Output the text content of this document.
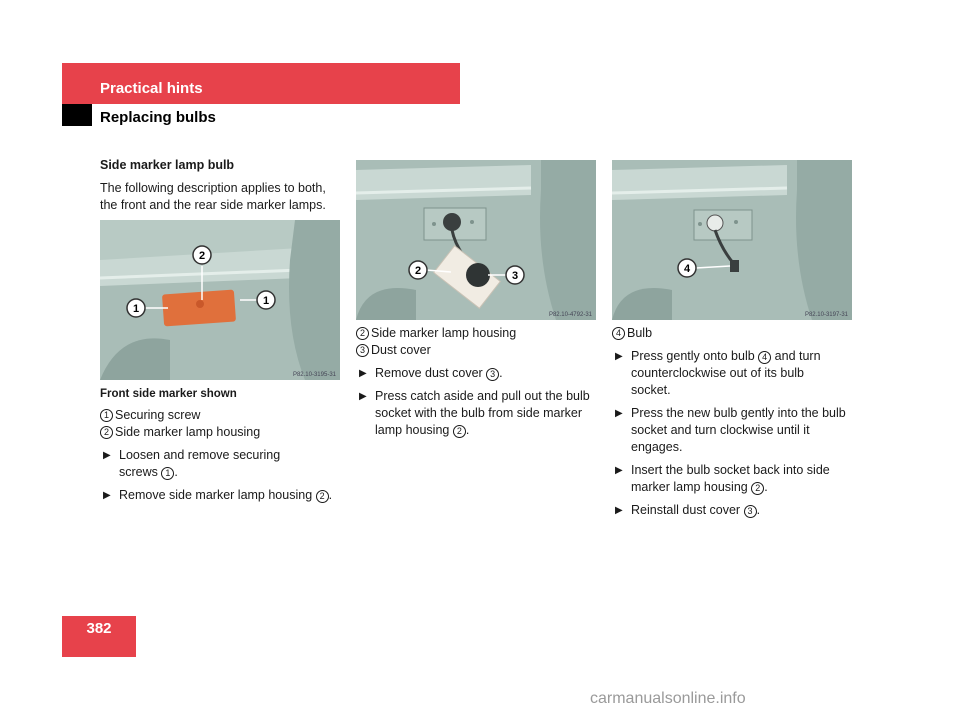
Practical hints
Replacing bulbs

Side marker lamp bulb

The following description applies to both, the front and the rear side marker lamps.

1
1
2
P82.10-3195-31

Front side marker shown

1 Securing screw

2 Side marker lamp housing

▶ Loosen and remove securing
screws 1 .

▶ Remove side marker lamp housing 2 .

2	3
P82.10-4792-31

2 Side marker lamp housing

3 Dust cover

▶ Remove dust cover 3 .

▶ Press catch aside and pull out the bulb
socket with the bulb from side marker
lamp housing 2 .

4
P82.10-3197-31

4 Bulb

▶ Press gently onto bulb 4 and turn
counterclockwise out of its bulb
socket.

▶ Press the new bulb gently into the bulb
socket and turn clockwise until it
engages.

▶ Insert the bulb socket back into side
marker lamp housing 2 .

▶ Reinstall dust cover 3 .

382
carmanualsonline.info
